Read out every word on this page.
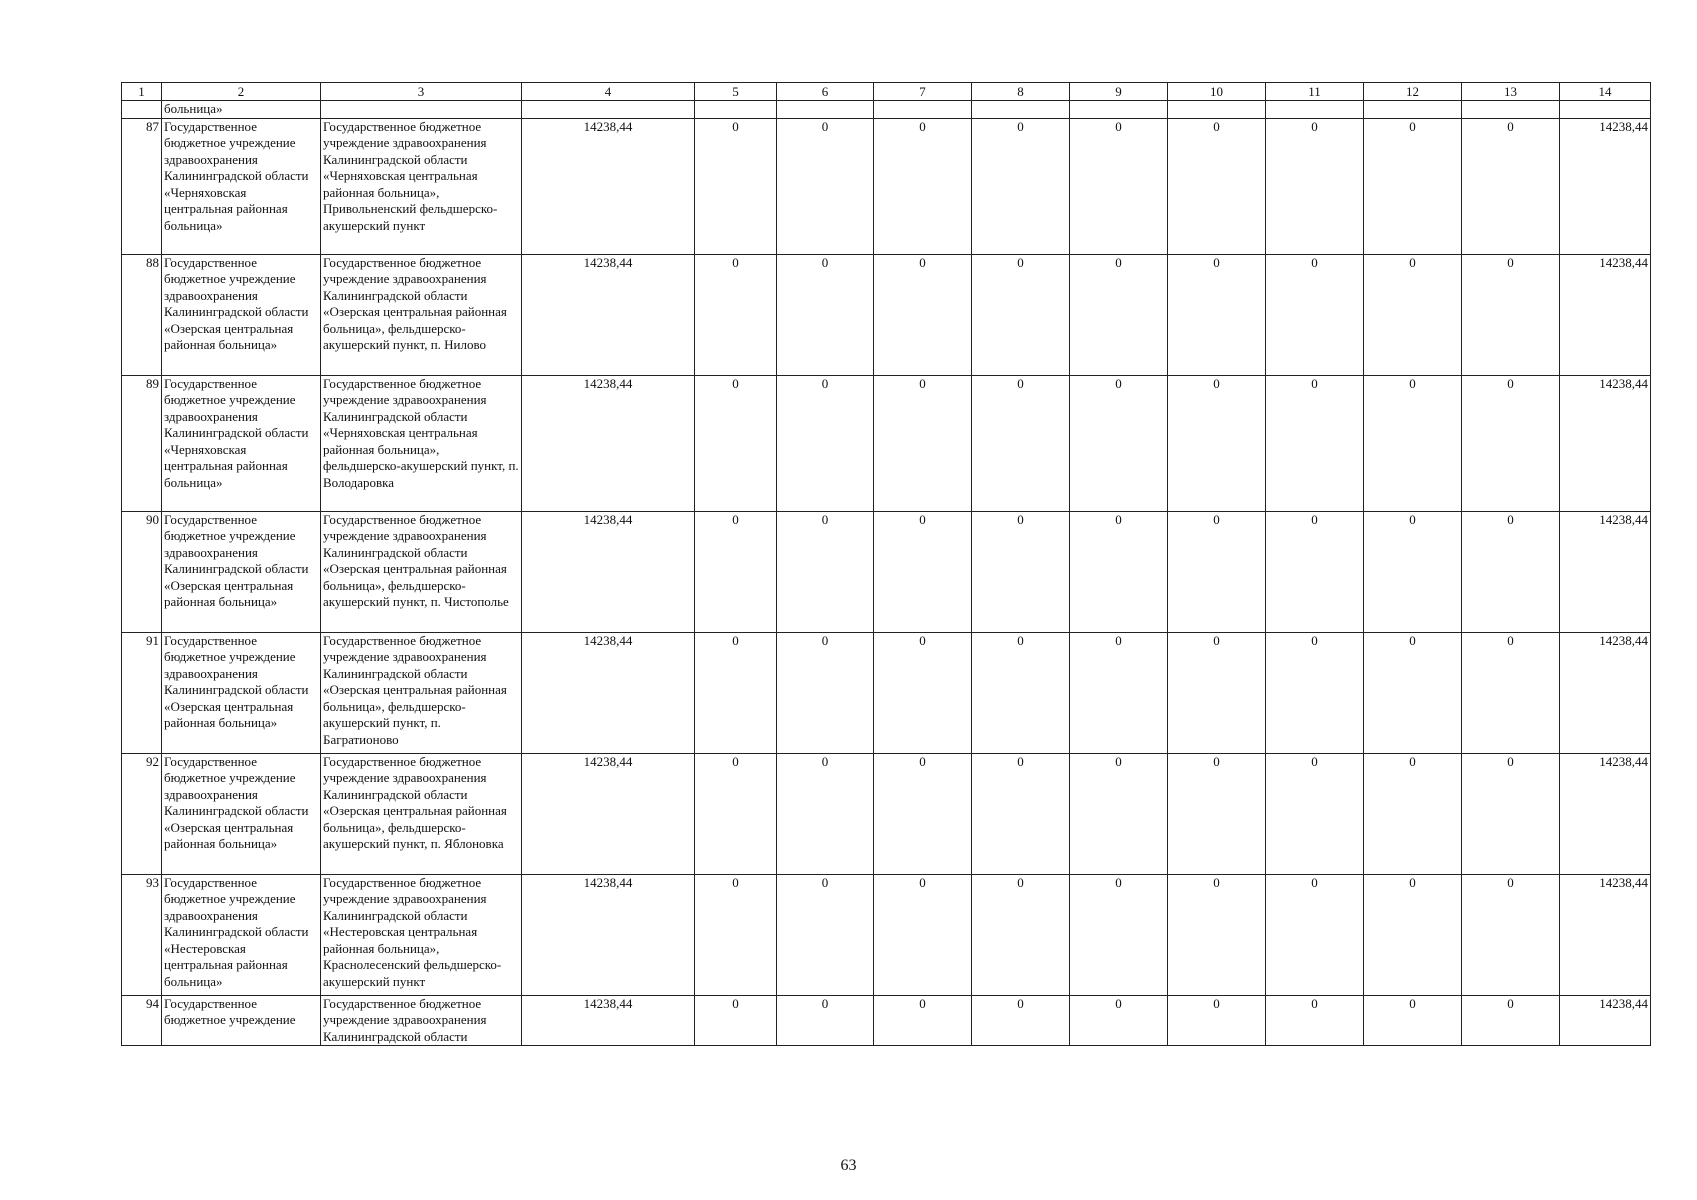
1	2	3	4	5	6	7	8	9	10	11	12	13	14
	больница»												
87	Государственное бюджетное учреждение здравоохранения Калининградской области «Черняховская центральная районная больница»	Государственное бюджетное учреждение здравоохранения Калининградской области «Черняховская центральная районная больница», Привольненский фельдшерско-акушерский пункт	14238,44	0	0	0	0	0	0	0	0	0	14238,44
88	Государственное бюджетное учреждение здравоохранения Калининградской области «Озерская центральная районная больница»	Государственное бюджетное учреждение здравоохранения Калининградской области «Озерская центральная районная больница», фельдшерско-акушерский пункт, п. Нилово	14238,44	0	0	0	0	0	0	0	0	0	14238,44
89	Государственное бюджетное учреждение здравоохранения Калининградской области «Черняховская центральная районная больница»	Государственное бюджетное учреждение здравоохранения Калининградской области «Черняховская центральная районная больница», фельдшерско-акушерский пункт, п. Володаровка	14238,44	0	0	0	0	0	0	0	0	0	14238,44
90	Государственное бюджетное учреждение здравоохранения Калининградской области «Озерская центральная районная больница»	Государственное бюджетное учреждение здравоохранения Калининградской области «Озерская центральная районная больница», фельдшерско-акушерский пункт, п. Чистополье	14238,44	0	0	0	0	0	0	0	0	0	14238,44
91	Государственное бюджетное учреждение здравоохранения Калининградской области «Озерская центральная районная больница»	Государственное бюджетное учреждение здравоохранения Калининградской области «Озерская центральная районная больница», фельдшерско-акушерский пункт, п. Багратионово	14238,44	0	0	0	0	0	0	0	0	0	14238,44
92	Государственное бюджетное учреждение здравоохранения Калининградской области «Озерская центральная районная больница»	Государственное бюджетное учреждение здравоохранения Калининградской области «Озерская центральная районная больница», фельдшерско-акушерский пункт, п. Яблоновка	14238,44	0	0	0	0	0	0	0	0	0	14238,44
93	Государственное бюджетное учреждение здравоохранения Калининградской области «Нестеровская центральная районная больница»	Государственное бюджетное учреждение здравоохранения Калининградской области «Нестеровская центральная районная больница», Краснолесенский фельдшерско-акушерский пункт	14238,44	0	0	0	0	0	0	0	0	0	14238,44
94	Государственное бюджетное учреждение	Государственное бюджетное учреждение здравоохранения Калининградской области	14238,44	0	0	0	0	0	0	0	0	0	14238,44
63
